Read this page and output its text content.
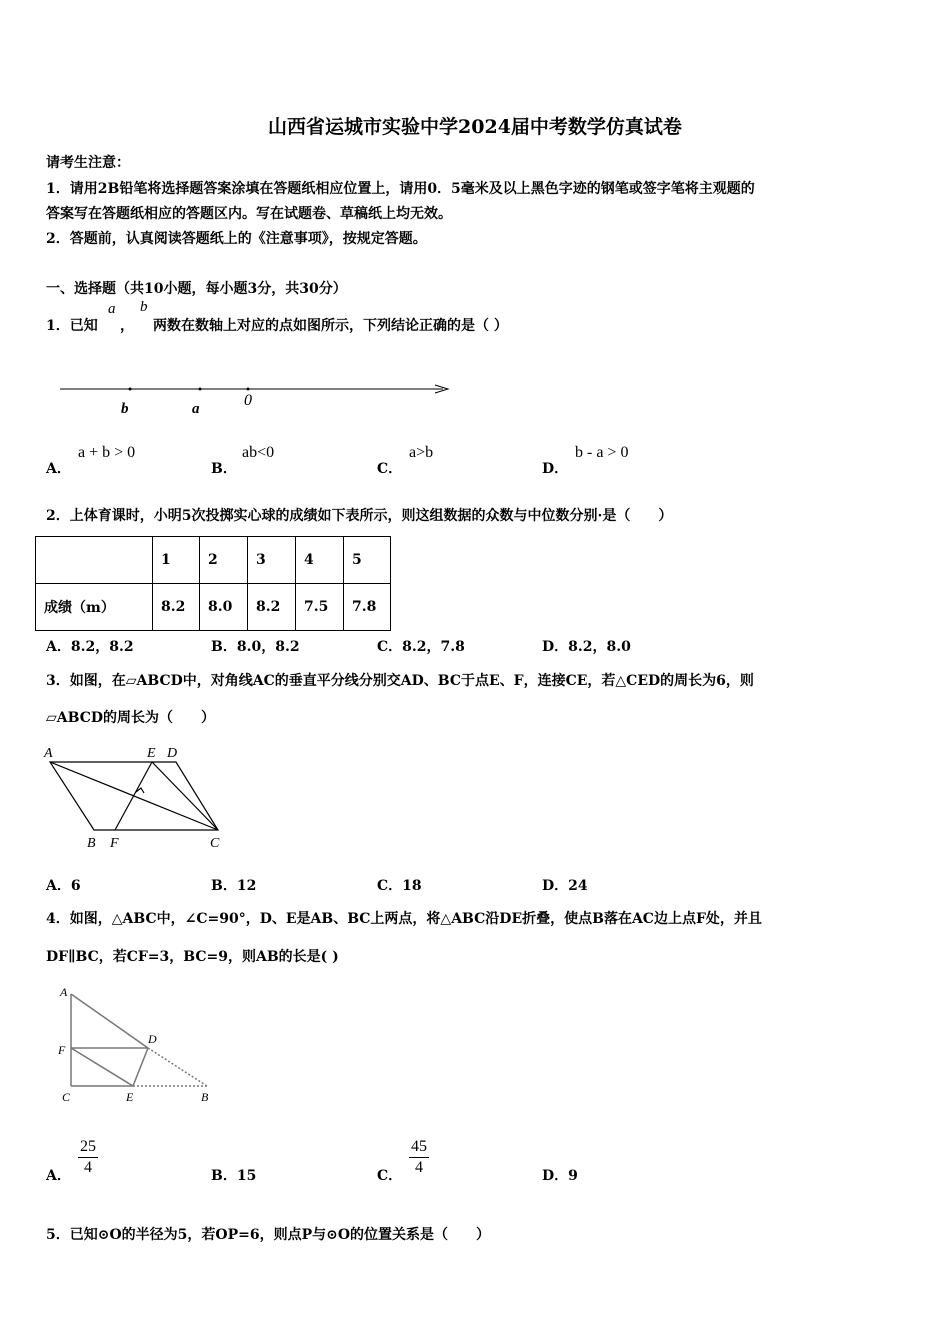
山西省运城市实验中学2024届中考数学仿真试卷
请考生注意：
1．请用2B铅笔将选择题答案涂填在答题纸相应位置上，请用0．5毫米及以上黑色字迹的钢笔或签字笔将主观题的
答案写在答题纸相应的答题区内。写在试题卷、草稿纸上均无效。
2．答题前，认真阅读答题纸上的《注意事项》，按规定答题。
一、选择题（共10小题，每小题3分，共30分）
1．已知
a
，
b
两数在数轴上对应的点如图所示，下列结论正确的是（ ）
b	a	0
A．
a + b > 0
B．
ab<0
C．
a>b
D．
b - a > 0
2．上体育课时，小明5次投掷实心球的成绩如下表所示，则这组数据的众数与中位数分别·是（　　）
	1	2	3	4	5
成绩（m）	8.2	8.0	8.2	7.5	7.8
A．8.2，8.2	B．8.0，8.2	C．8.2，7.8	D．8.2，8.0
3．如图，在▱ABCD中，对角线AC的垂直平分线分别交AD、BC于点E、F，连接CE，若△CED的周长为6，则
▱ABCD的周长为（　　）
A	E D
B F	C
A．6	B．12	C．18	D．24
4．如图，△ABC中，∠C=90°，D、E是AB、BC上两点，将△ABC沿DE折叠，使点B落在AC边上点F处，并且
DF∥BC，若CF=3，BC=9，则AB的长是( )
A
D
F
C	E	B
A． $\frac{25}{4}$	B．15	C． $\frac{45}{4}$	D．9
5．已知⊙O的半径为5，若OP=6，则点P与⊙O的位置关系是（　　）
